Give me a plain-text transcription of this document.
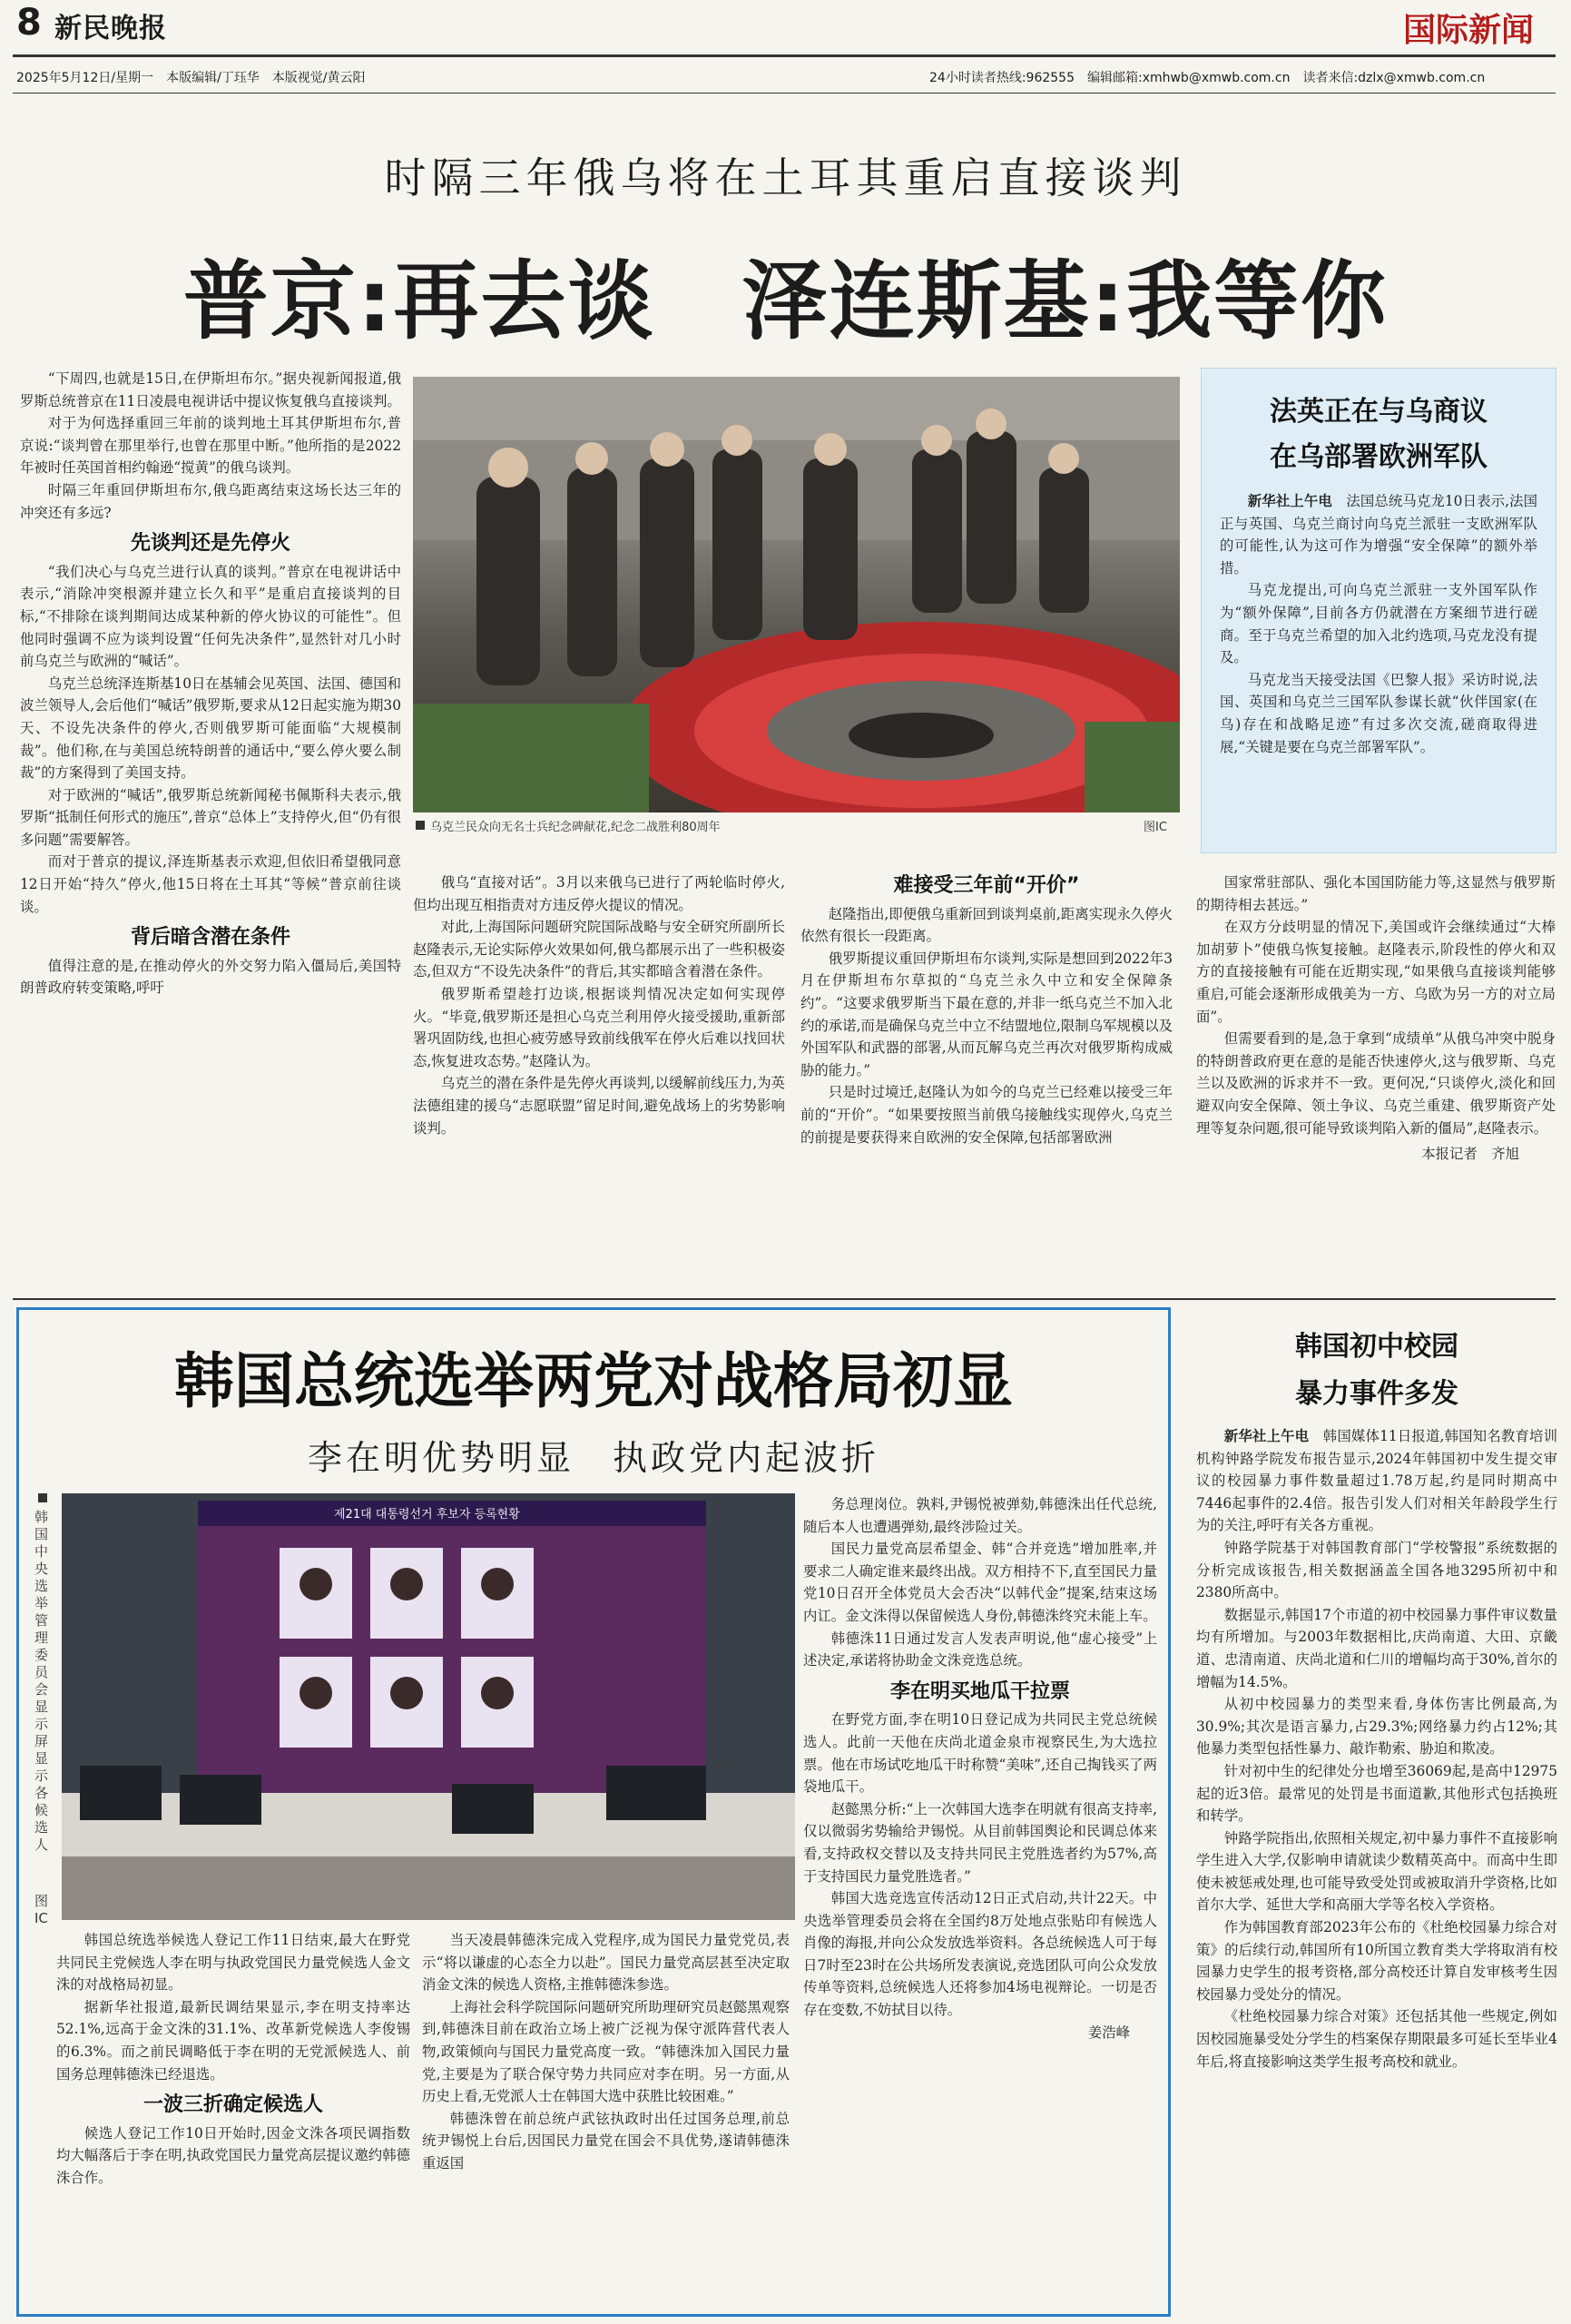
8 新民晚报	国际新闻
2025年5月12日/星期一　本版编辑/丁珏华　本版视觉/黄云阳	24小时读者热线:962555　编辑邮箱:xmhwb@xmwb.com.cn　读者来信:dzlx@xmwb.com.cn
时隔三年俄乌将在土耳其重启直接谈判
普京:再去谈　泽连斯基:我等你

“下周四,也就是15日,在伊斯坦布尔。”据央视新闻报道,俄罗斯总统普京在11日凌晨电视讲话中提议恢复俄乌直接谈判。

对于为何选择重回三年前的谈判地土耳其伊斯坦布尔,普京说:“谈判曾在那里举行,也曾在那里中断。”他所指的是2022年被时任英国首相约翰逊“搅黄”的俄乌谈判。

时隔三年重回伊斯坦布尔,俄乌距离结束这场长达三年的冲突还有多远?

先谈判还是先停火

“我们决心与乌克兰进行认真的谈判。”普京在电视讲话中表示,“消除冲突根源并建立长久和平”是重启直接谈判的目标,“不排除在谈判期间达成某种新的停火协议的可能性”。但他同时强调不应为谈判设置“任何先决条件”,显然针对几小时前乌克兰与欧洲的“喊话”。

乌克兰总统泽连斯基10日在基辅会见英国、法国、德国和波兰领导人,会后他们“喊话”俄罗斯,要求从12日起实施为期30天、不设先决条件的停火,否则俄罗斯可能面临“大规模制裁”。他们称,在与美国总统特朗普的通话中,“要么停火要么制裁”的方案得到了美国支持。

对于欧洲的“喊话”,俄罗斯总统新闻秘书佩斯科夫表示,俄罗斯“抵制任何形式的施压”,普京“总体上”支持停火,但“仍有很多问题”需要解答。

而对于普京的提议,泽连斯基表示欢迎,但依旧希望俄同意12日开始“持久”停火,他15日将在土耳其“等候”普京前往谈谈。

背后暗含潜在条件

值得注意的是,在推动停火的外交努力陷入僵局后,美国特朗普政府转变策略,呼吁

乌克兰民众向无名士兵纪念碑献花,纪念二战胜利80周年	图IC

俄乌“直接对话”。3月以来俄乌已进行了两轮临时停火,但均出现互相指责对方违反停火提议的情况。

对此,上海国际问题研究院国际战略与安全研究所副所长赵隆表示,无论实际停火效果如何,俄乌都展示出了一些积极姿态,但双方“不设先决条件”的背后,其实都暗含着潜在条件。

俄罗斯希望趁打边谈,根据谈判情况决定如何实现停火。“毕竟,俄罗斯还是担心乌克兰利用停火接受援助,重新部署巩固防线,也担心疲劳感导致前线俄军在停火后难以找回状态,恢复进攻态势。”赵隆认为。

乌克兰的潜在条件是先停火再谈判,以缓解前线压力,为英法德组建的援乌“志愿联盟”留足时间,避免战场上的劣势影响谈判。

难接受三年前“开价”

赵隆指出,即便俄乌重新回到谈判桌前,距离实现永久停火依然有很长一段距离。

俄罗斯提议重回伊斯坦布尔谈判,实际是想回到2022年3月在伊斯坦布尔草拟的“乌克兰永久中立和安全保障条约”。“这要求俄罗斯当下最在意的,并非一纸乌克兰不加入北约的承诺,而是确保乌克兰中立不结盟地位,限制乌军规模以及外国军队和武器的部署,从而瓦解乌克兰再次对俄罗斯构成威胁的能力。”

只是时过境迁,赵隆认为如今的乌克兰已经难以接受三年前的“开价”。“如果要按照当前俄乌接触线实现停火,乌克兰的前提是要获得来自欧洲的安全保障,包括部署欧洲

国家常驻部队、强化本国国防能力等,这显然与俄罗斯的期待相去甚远。”

在双方分歧明显的情况下,美国或许会继续通过“大棒加胡萝卜”使俄乌恢复接触。赵隆表示,阶段性的停火和双方的直接接触有可能在近期实现,“如果俄乌直接谈判能够重启,可能会逐渐形成俄美为一方、乌欧为另一方的对立局面”。

但需要看到的是,急于拿到“成绩单”从俄乌冲突中脱身的特朗普政府更在意的是能否快速停火,这与俄罗斯、乌克兰以及欧洲的诉求并不一致。更何况,“只谈停火,淡化和回避双向安全保障、领土争议、乌克兰重建、俄罗斯资产处理等复杂问题,很可能导致谈判陷入新的僵局”,赵隆表示。

本报记者　齐旭
法英正在与乌商议
在乌部署欧洲军队

新华社上午电　 法国总统马克龙10日表示,法国正与英国、乌克兰商讨向乌克兰派驻一支欧洲军队的可能性,认为这可作为增强“安全保障”的额外举措。

马克龙提出,可向乌克兰派驻一支外国军队作为“额外保障”,目前各方仍就潜在方案细节进行磋商。至于乌克兰希望的加入北约选项,马克龙没有提及。

马克龙当天接受法国《巴黎人报》采访时说,法国、英国和乌克兰三国军队参谋长就“伙伴国家(在乌)存在和战略足迹”有过多次交流,磋商取得进展,“关键是要在乌克兰部署军队”。

韩国总统选举两党对战格局初显
李在明优势明显　执政党内起波折
韩国中央选举管理委员会显示屏显示各候选人
图IC
제21대 대통령선거 후보자 등록현황

韩国总统选举候选人登记工作11日结束,最大在野党共同民主党候选人李在明与执政党国民力量党候选人金文洙的对战格局初显。

据新华社报道,最新民调结果显示,李在明支持率达52.1%,远高于金文洙的31.1%、改革新党候选人李俊锡的6.3%。而之前民调略低于李在明的无党派候选人、前国务总理韩德洙已经退选。

一波三折确定候选人

候选人登记工作10日开始时,因金文洙各项民调指数均大幅落后于李在明,执政党国民力量党高层提议邀约韩德洙合作。

当天凌晨韩德洙完成入党程序,成为国民力量党党员,表示“将以谦虚的心态全力以赴”。国民力量党高层甚至决定取消金文洙的候选人资格,主推韩德洙参选。

上海社会科学院国际问题研究所助理研究员赵懿黑观察到,韩德洙目前在政治立场上被广泛视为保守派阵营代表人物,政策倾向与国民力量党高度一致。“韩德洙加入国民力量党,主要是为了联合保守势力共同应对李在明。另一方面,从历史上看,无党派人士在韩国大选中获胜比较困难。”

韩德洙曾在前总统卢武铉执政时出任过国务总理,前总统尹锡悦上台后,因国民力量党在国会不具优势,遂请韩德洙重返国

务总理岗位。孰料,尹锡悦被弹劾,韩德洙出任代总统,随后本人也遭遇弹劾,最终涉险过关。

国民力量党高层希望金、韩“合并竞选”增加胜率,并要求二人确定谁来最终出战。双方相持不下,直至国民力量党10日召开全体党员大会否决“以韩代金”提案,结束这场内讧。金文洙得以保留候选人身份,韩德洙终究未能上车。

韩德洙11日通过发言人发表声明说,他“虚心接受”上述决定,承诺将协助金文洙竞选总统。

李在明买地瓜干拉票

在野党方面,李在明10日登记成为共同民主党总统候选人。此前一天他在庆尚北道金泉市视察民生,为大选拉票。他在市场试吃地瓜干时称赞“美味”,还自己掏钱买了两袋地瓜干。

赵懿黑分析:“上一次韩国大选李在明就有很高支持率,仅以微弱劣势输给尹锡悦。从目前韩国舆论和民调总体来看,支持政权交替以及支持共同民主党胜选者约为57%,高于支持国民力量党胜选者。”

韩国大选竞选宣传活动12日正式启动,共计22天。中央选举管理委员会将在全国约8万处地点张贴印有候选人肖像的海报,并向公众发放选举资料。各总统候选人可于每日7时至23时在公共场所发表演说,竞选团队可向公众发放传单等资料,总统候选人还将参加4场电视辩论。一切是否存在变数,不妨拭目以待。

姜浩峰
韩国初中校园
暴力事件多发

新华社上午电　 韩国媒体11日报道,韩国知名教育培训机构钟路学院发布报告显示,2024年韩国初中发生提交审议的校园暴力事件数量超过1.78万起,约是同时期高中7446起事件的2.4倍。报告引发人们对相关年龄段学生行为的关注,呼吁有关各方重视。

钟路学院基于对韩国教育部门“学校警报”系统数据的分析完成该报告,相关数据涵盖全国各地3295所初中和2380所高中。

数据显示,韩国17个市道的初中校园暴力事件审议数量均有所增加。与2003年数据相比,庆尚南道、大田、京畿道、忠清南道、庆尚北道和仁川的增幅均高于30%,首尔的增幅为14.5%。

从初中校园暴力的类型来看,身体伤害比例最高,为30.9%;其次是语言暴力,占29.3%;网络暴力约占12%;其他暴力类型包括性暴力、敲诈勒索、胁迫和欺凌。

针对初中生的纪律处分也增至36069起,是高中12975起的近3倍。最常见的处罚是书面道歉,其他形式包括换班和转学。

钟路学院指出,依照相关规定,初中暴力事件不直接影响学生进入大学,仅影响申请就读少数精英高中。而高中生即使未被惩戒处理,也可能导致受处罚或被取消升学资格,比如首尔大学、延世大学和高丽大学等名校入学资格。

作为韩国教育部2023年公布的《杜绝校园暴力综合对策》的后续行动,韩国所有10所国立教育类大学将取消有校园暴力史学生的报考资格,部分高校还计算自发审核考生因校园暴力受处分的情况。

《杜绝校园暴力综合对策》还包括其他一些规定,例如因校园施暴受处分学生的档案保存期限最多可延长至毕业4年后,将直接影响这类学生报考高校和就业。
